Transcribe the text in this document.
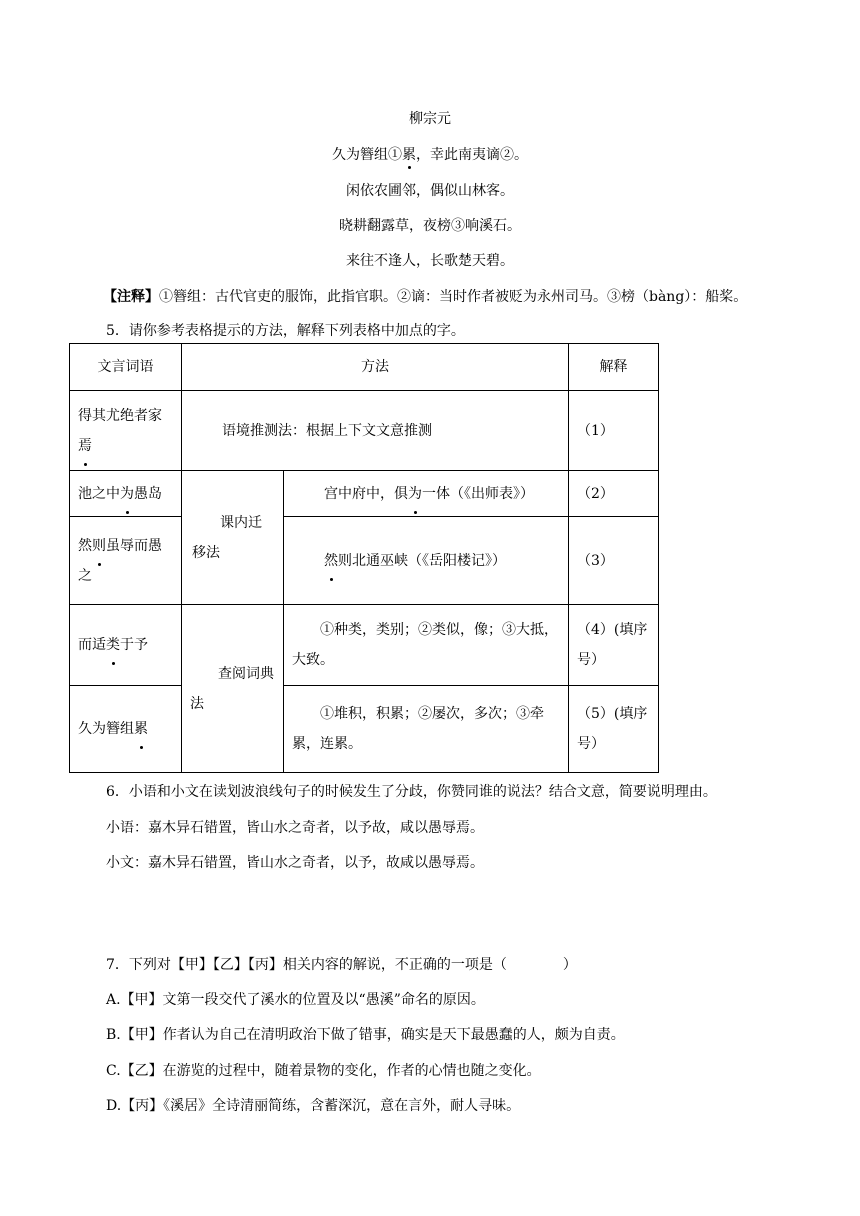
柳宗元
久为簪组①累，幸此南夷谪②。
闲依农圃邻，偶似山林客。
晓耕翻露草，夜榜③响溪石。
来往不逢人，长歌楚天碧。
【注释】①簪组：古代官吏的服饰，此指官职。②谪：当时作者被贬为永州司马。③榜（bàng）：船桨。
5．请你参考表格提示的方法，解释下列表格中加点的字。
文言词语	方法		解释
得其尤绝者家焉	语境推测法：根据上下文文意推测		（1）
池之中为愚岛	课内迁移法	宫中府中，俱为一体（《出师表》）	（2）
然则虽辱而愚之		然则北通巫峡（《岳阳楼记》）	（3）
而适类于予	查阅词典法	①种类，类别；②类似，像；③大抵，大致。	（4）(填序号）
久为簪组累		①堆积，积累；②屡次，多次；③牵累，连累。	（5）(填序号）
6．小语和小文在读划波浪线句子的时候发生了分歧，你赞同谁的说法？结合文意，简要说明理由。
小语：嘉木异石错置，皆山水之奇者，以予故，咸以愚辱焉。
小文：嘉木异石错置，皆山水之奇者，以予，故咸以愚辱焉。
7．下列对【甲】【乙】【丙】相关内容的解说，不正确的一项是（　　　　）
A.【甲】文第一段交代了溪水的位置及以“愚溪”命名的原因。
B.【甲】作者认为自己在清明政治下做了错事，确实是天下最愚蠢的人，颇为自责。
C.【乙】在游览的过程中，随着景物的变化，作者的心情也随之变化。
D.【丙】《溪居》全诗清丽简练，含蓄深沉，意在言外，耐人寻味。
